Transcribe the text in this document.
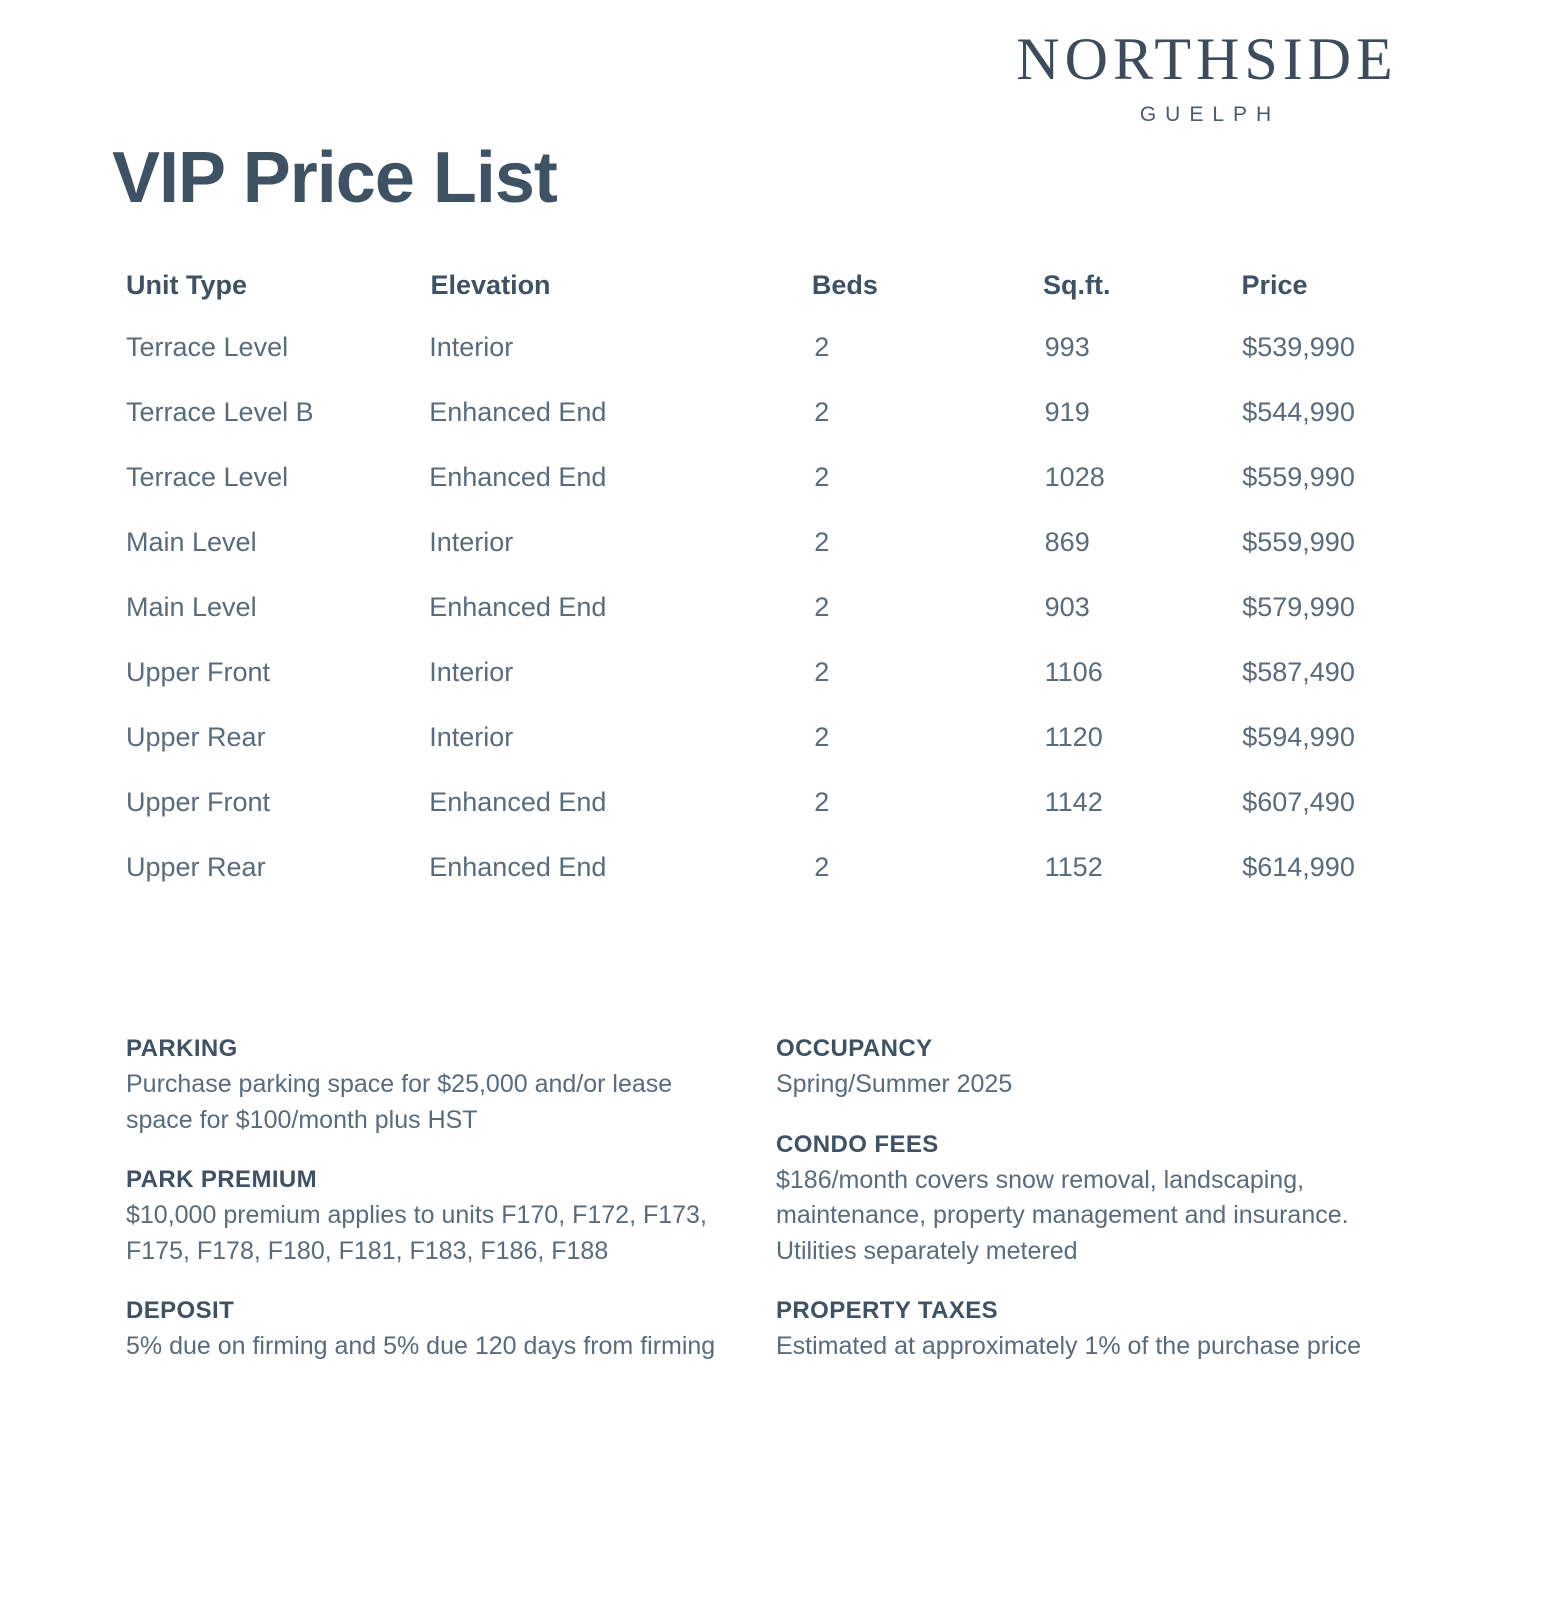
NORTHSIDE
GUELPH
VIP Price List
Unit Type	Elevation	Beds	Sq.ft.	Price
Terrace Level	Interior	2	993	$539,990
Terrace Level B	Enhanced End	2	919	$544,990
Terrace Level	Enhanced End	2	1028	$559,990
Main Level	Interior	2	869	$559,990
Main Level	Enhanced End	2	903	$579,990
Upper Front	Interior	2	1106	$587,490
Upper Rear	Interior	2	1120	$594,990
Upper Front	Enhanced End	2	1142	$607,490
Upper Rear	Enhanced End	2	1152	$614,990
PARKING
Purchase parking space for $25,000 and/or lease space for $100/month plus HST
PARK PREMIUM
$10,000 premium applies to units F170, F172, F173, F175, F178, F180, F181, F183, F186, F188
DEPOSIT
5% due on firming and 5% due 120 days from firming
OCCUPANCY
Spring/Summer 2025
CONDO FEES
$186/month covers snow removal, landscaping, maintenance, property management and insurance. Utilities separately metered
PROPERTY TAXES
Estimated at approximately 1% of the purchase price
